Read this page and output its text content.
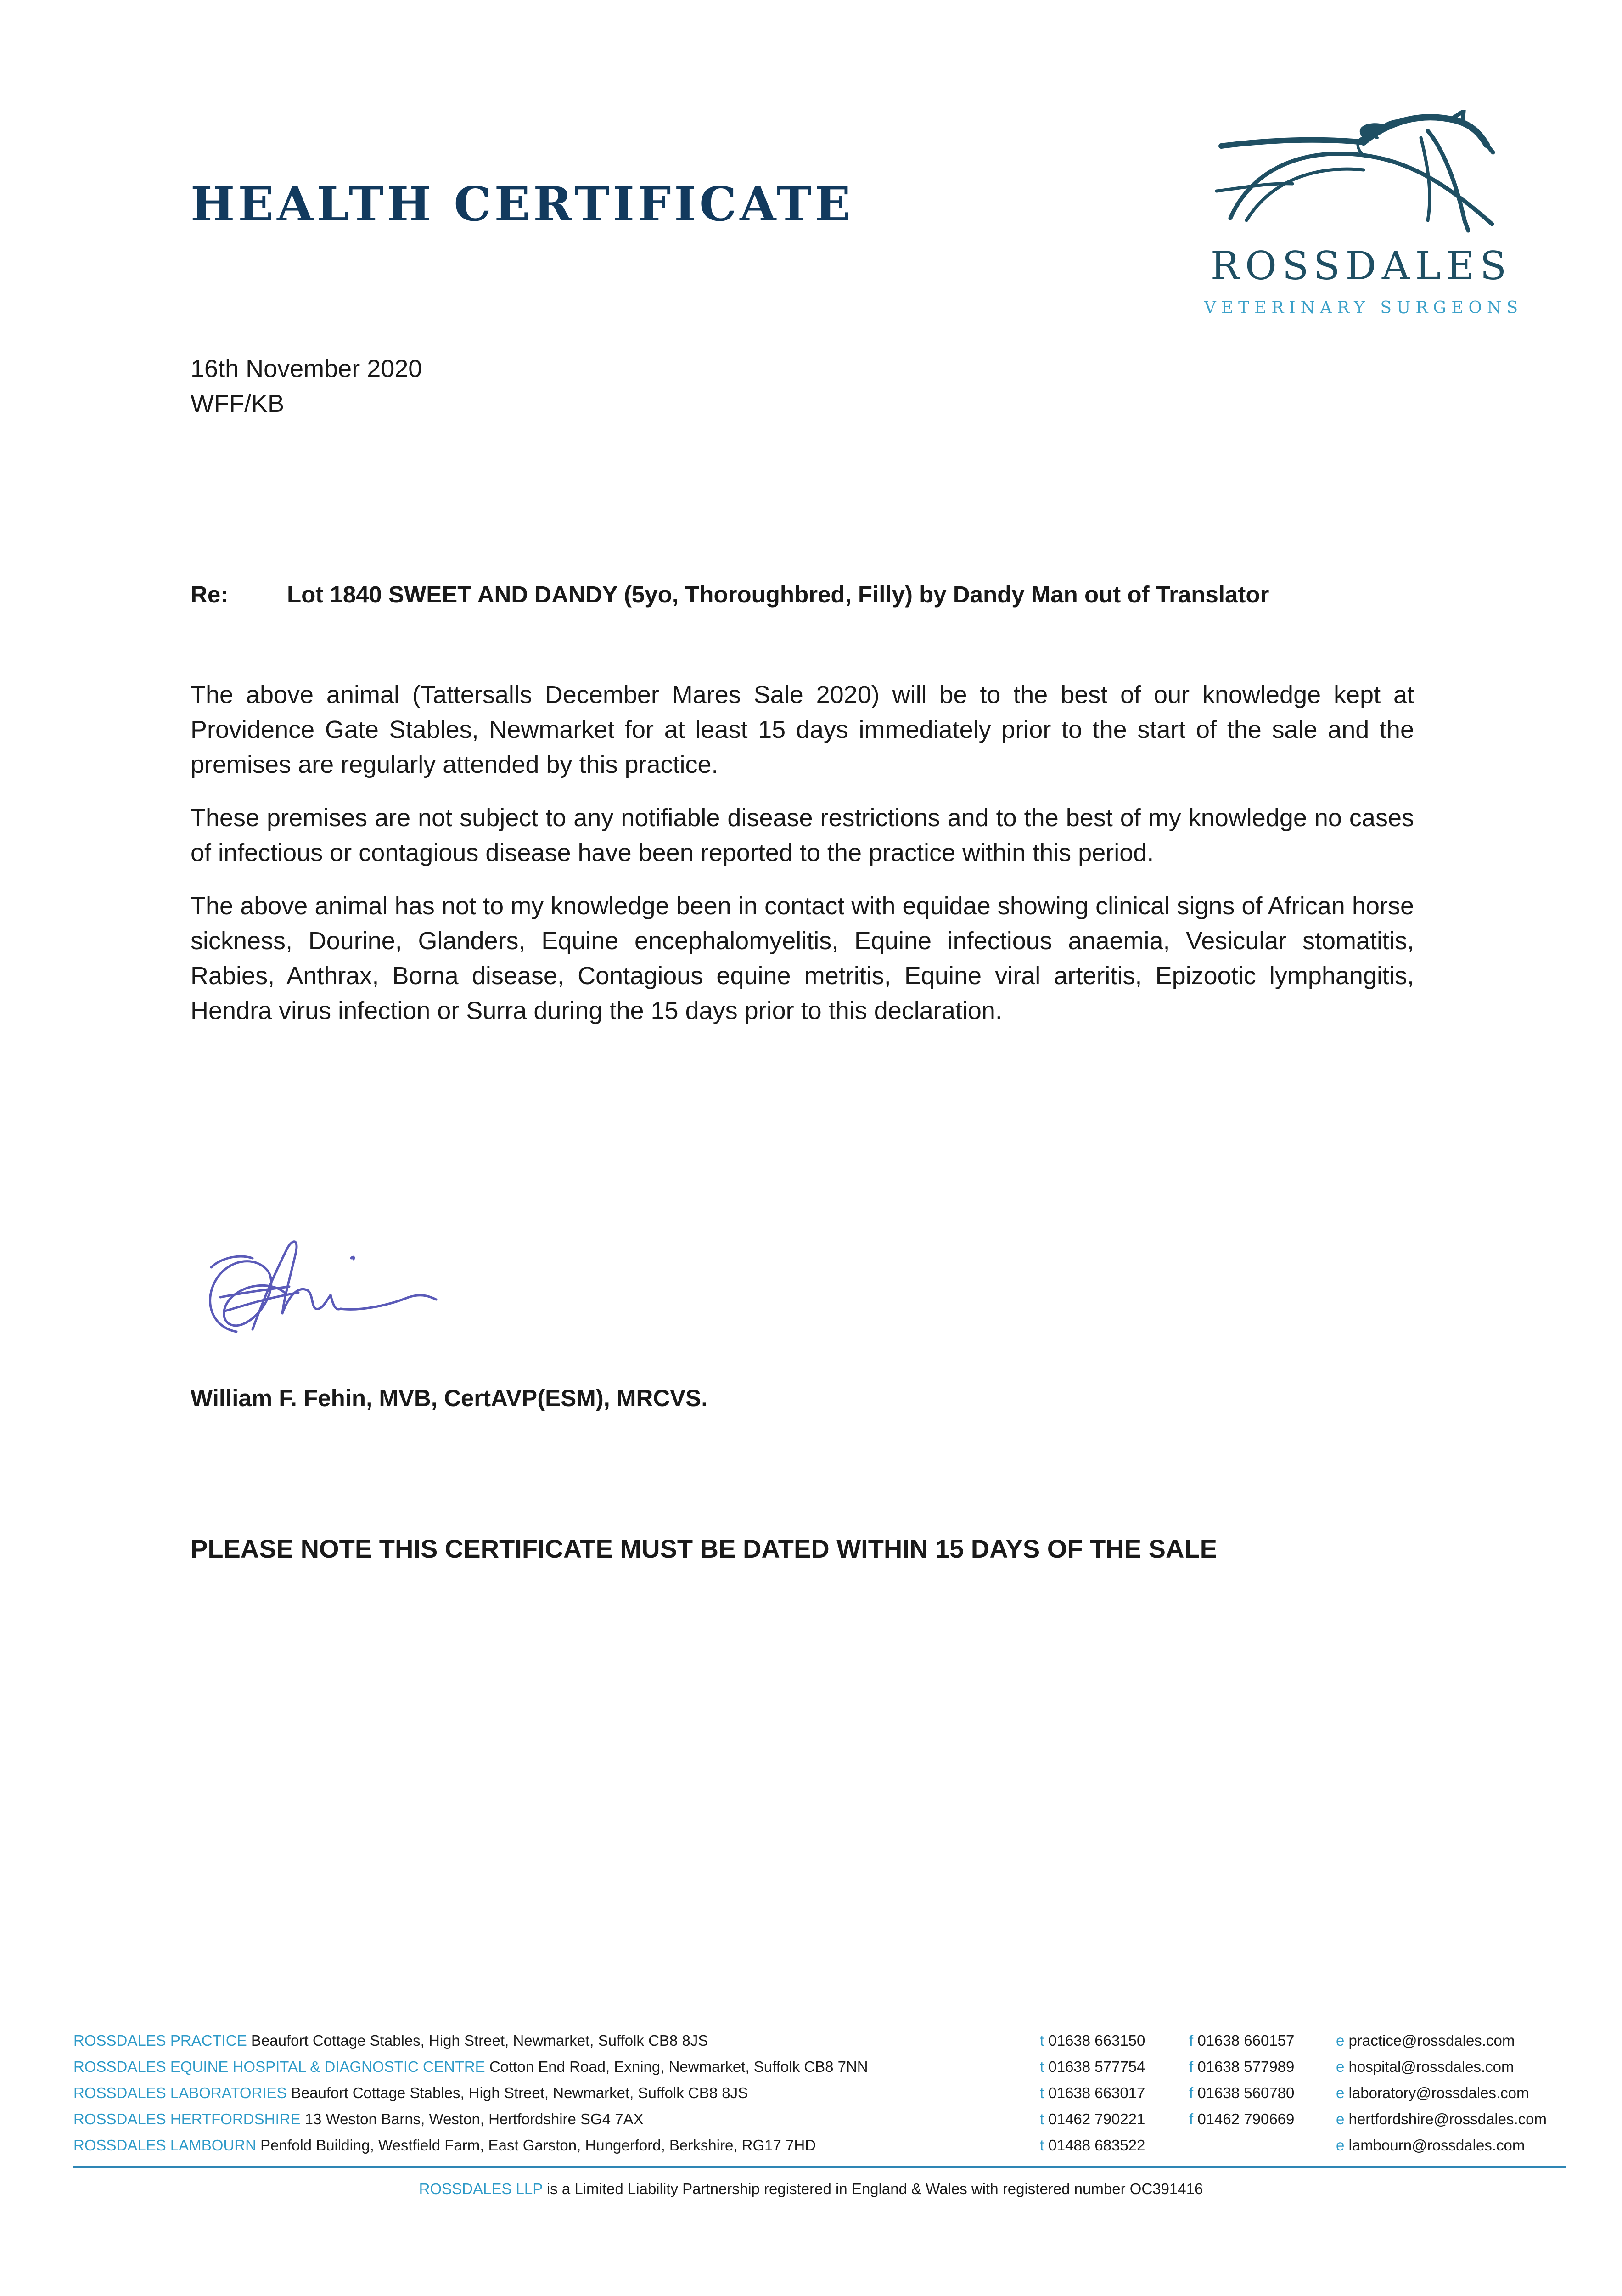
HEALTH CERTIFICATE
ROSSDALES
VETERINARY SURGEONS
16th November 2020
WFF/KB
Re:	Lot 1840 SWEET AND DANDY (5yo, Thoroughbred, Filly) by Dandy Man out of Translator

The above animal (Tattersalls December Mares Sale 2020) will be to the best of our knowledge kept at Providence Gate Stables, Newmarket for at least 15 days immediately prior to the start of the sale and the premises are regularly attended by this practice.

These premises are not subject to any notifiable disease restrictions and to the best of my knowledge no cases of infectious or contagious disease have been reported to the practice within this period.

The above animal has not to my knowledge been in contact with equidae showing clinical signs of African horse sickness, Dourine, Glanders, Equine encephalomyelitis, Equine infectious anaemia, Vesicular stomatitis, Rabies, Anthrax, Borna disease, Contagious equine metritis, Equine viral arteritis, Epizootic lymphangitis, Hendra virus infection or Surra during the 15 days prior to this declaration.

William F. Fehin, MVB, CertAVP(ESM), MRCVS.
PLEASE NOTE THIS CERTIFICATE MUST BE DATED WITHIN 15 DAYS OF THE SALE
ROSSDALES PRACTICE Beaufort Cottage Stables, High Street, Newmarket, Suffolk CB8 8JS	t 01638 663150	f 01638 660157	e practice@rossdales.com
ROSSDALES EQUINE HOSPITAL & DIAGNOSTIC CENTRE Cotton End Road, Exning, Newmarket, Suffolk CB8 7NN	t 01638 577754	f 01638 577989	e hospital@rossdales.com
ROSSDALES LABORATORIES Beaufort Cottage Stables, High Street, Newmarket, Suffolk CB8 8JS	t 01638 663017	f 01638 560780	e laboratory@rossdales.com
ROSSDALES HERTFORDSHIRE 13 Weston Barns, Weston, Hertfordshire SG4 7AX	t 01462 790221	f 01462 790669	e hertfordshire@rossdales.com
ROSSDALES LAMBOURN Penfold Building, Westfield Farm, East Garston, Hungerford, Berkshire, RG17 7HD	t 01488 683522	e lambourn@rossdales.com
ROSSDALES LLP is a Limited Liability Partnership registered in England & Wales with registered number OC391416
